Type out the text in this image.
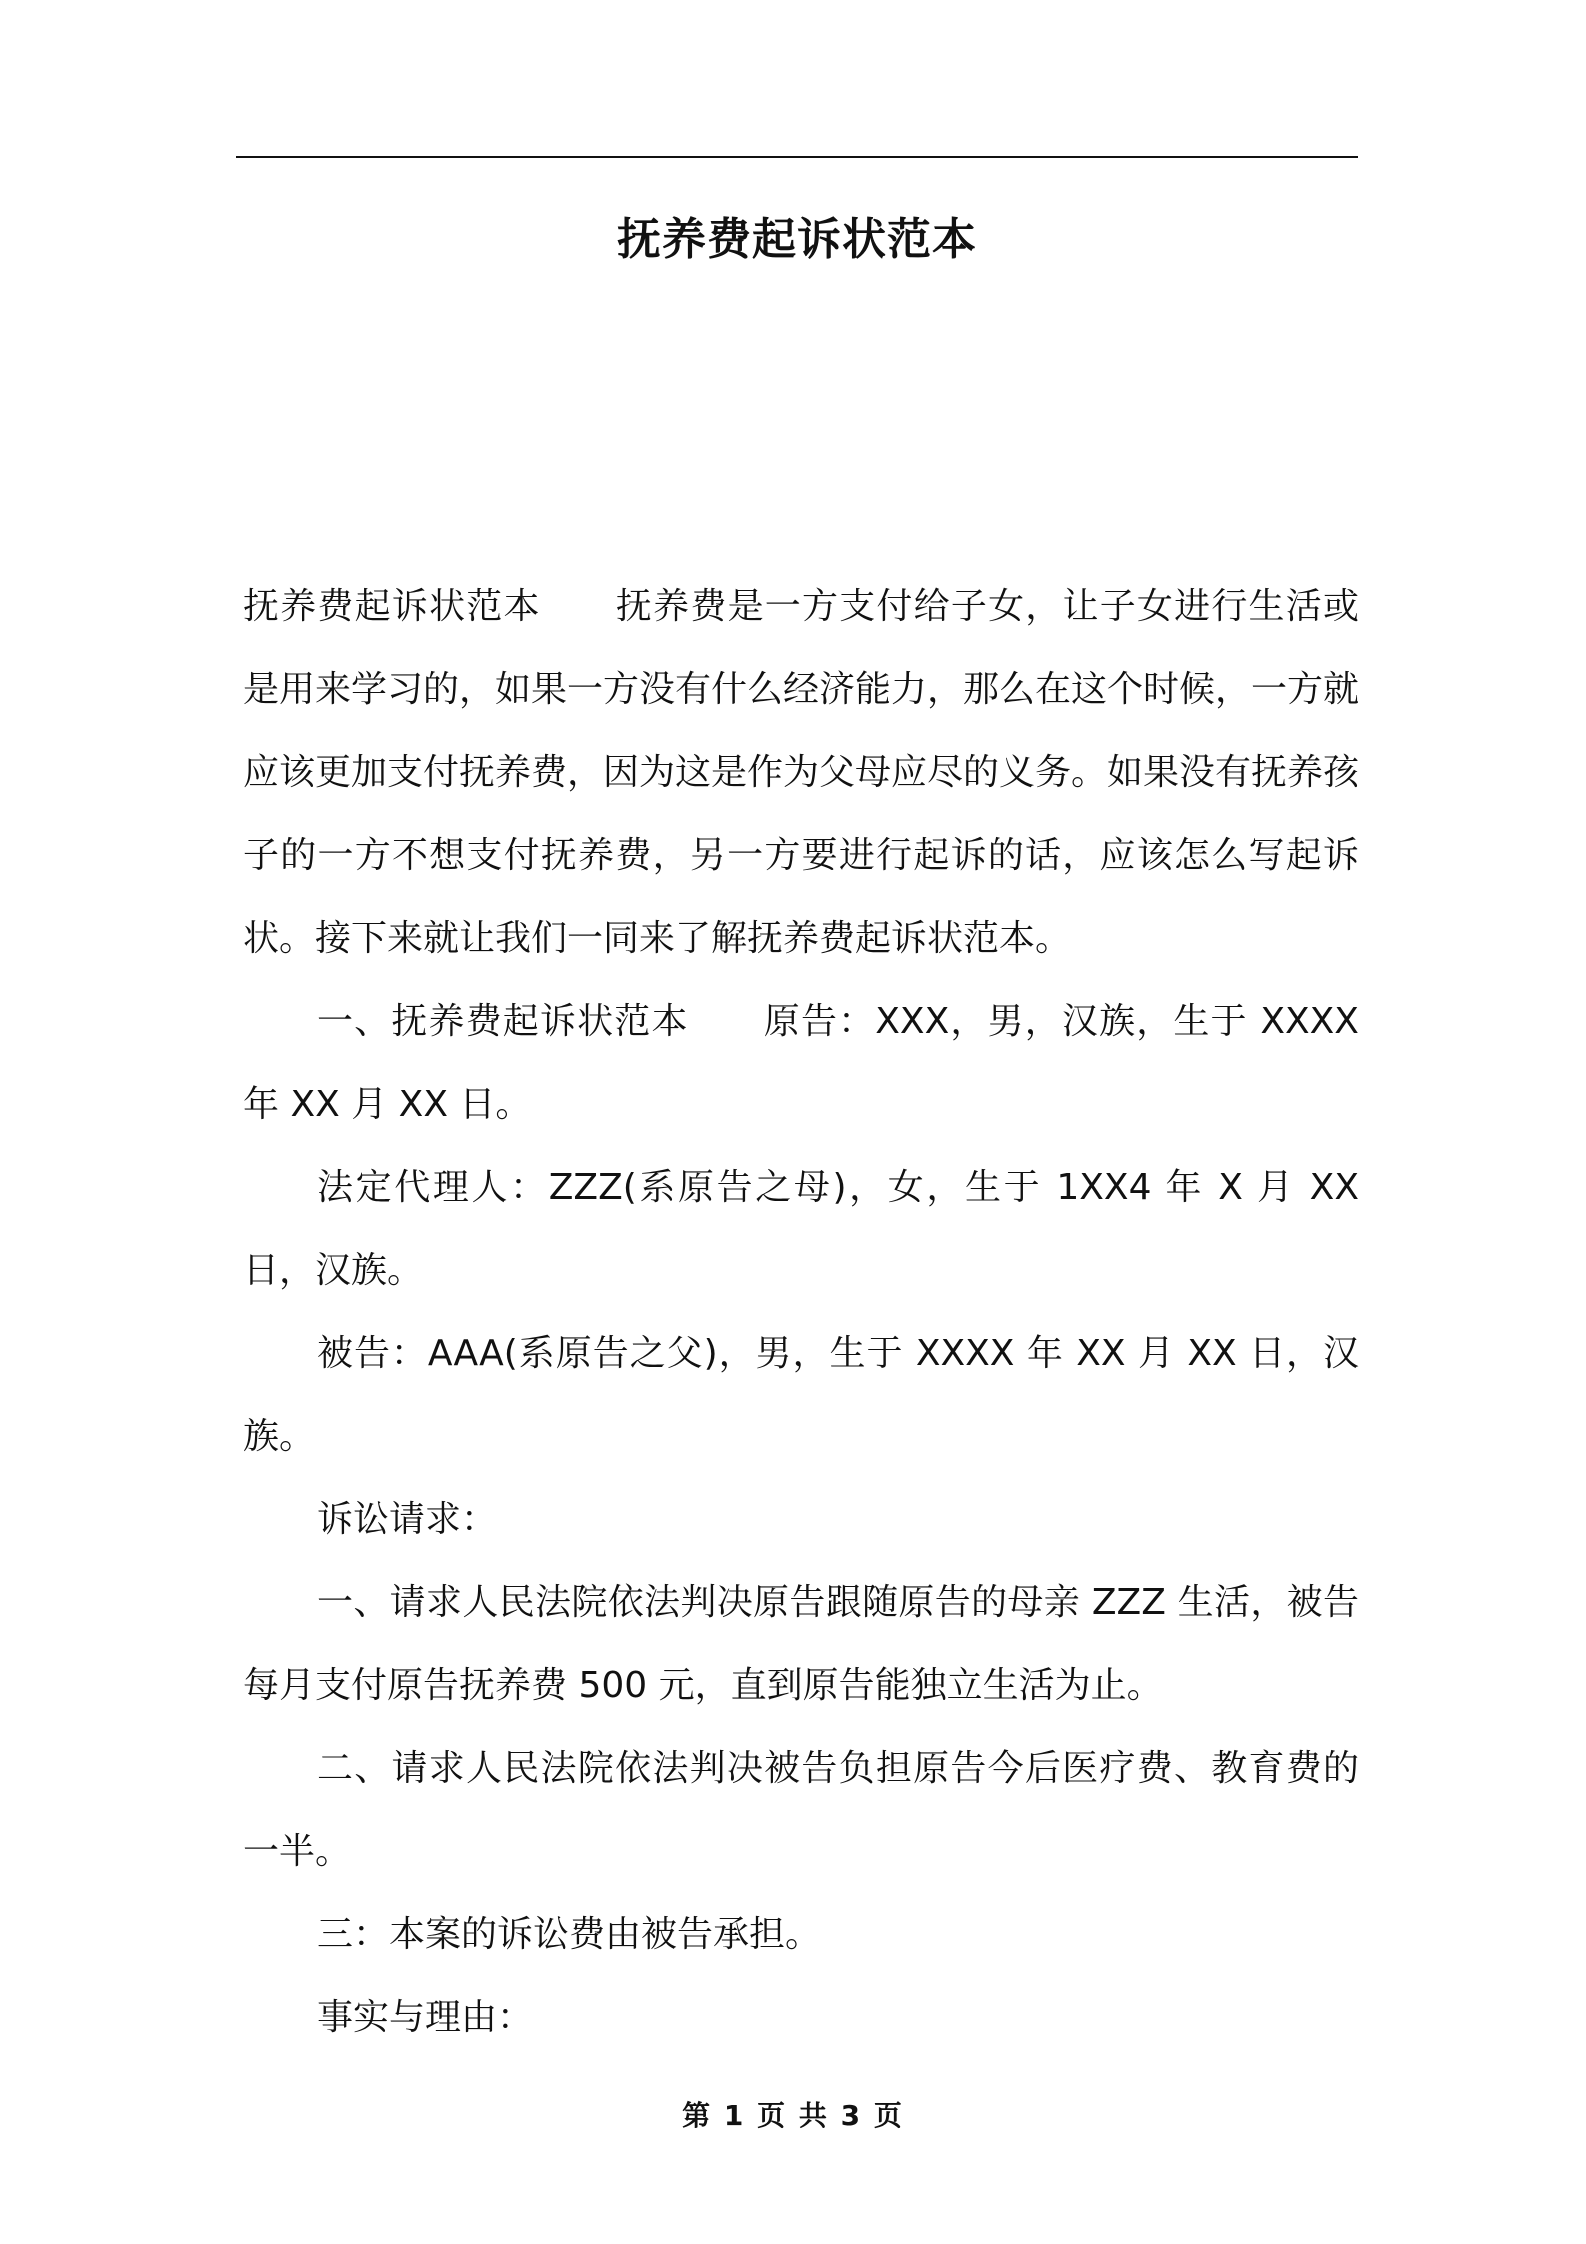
抚养费起诉状范本

抚养费起诉状范本 抚养费是一方支付给子女，让子女进行生活或是用来学习的，如果一方没有什么经济能力，那么在这个时候，一方就应该更加支付抚养费，因为这是作为父母应尽的义务。如果没有抚养孩子的一方不想支付抚养费，另一方要进行起诉的话，应该怎么写起诉状。接下来就让我们一同来了解抚养费起诉状范本。

一、抚养费起诉状范本 原告：XXX，男，汉族，生于 XXXX 年 XX 月 XX 日。

法定代理人：ZZZ(系原告之母)，女，生于 1XX4 年 X 月 XX 日，汉族。

被告：AAA(系原告之父)，男，生于 XXXX 年 XX 月 XX 日，汉族。

诉讼请求：

一、请求人民法院依法判决原告跟随原告的母亲 ZZZ 生活，被告每月支付原告抚养费 500 元，直到原告能独立生活为止。

二、请求人民法院依法判决被告负担原告今后医疗费、教育费的一半。

三：本案的诉讼费由被告承担。

事实与理由：

第 1 页 共 3 页
